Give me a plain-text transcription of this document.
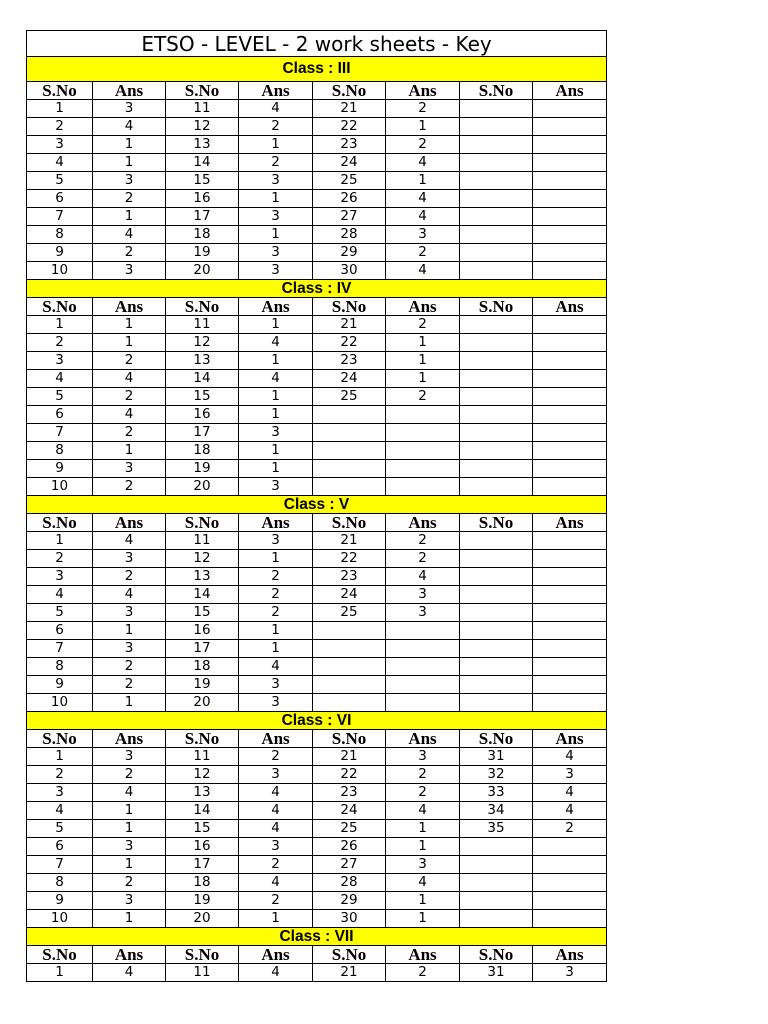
ETSO - LEVEL - 2 work sheets - Key							
Class : III							
S.No	Ans	S.No	Ans	S.No	Ans	S.No	Ans
1	3	11	4	21	2		
2	4	12	2	22	1		
3	1	13	1	23	2		
4	1	14	2	24	4		
5	3	15	3	25	1		
6	2	16	1	26	4		
7	1	17	3	27	4		
8	4	18	1	28	3		
9	2	19	3	29	2		
10	3	20	3	30	4		
Class : IV							
S.No	Ans	S.No	Ans	S.No	Ans	S.No	Ans
1	1	11	1	21	2		
2	1	12	4	22	1		
3	2	13	1	23	1		
4	4	14	4	24	1		
5	2	15	1	25	2		
6	4	16	1				
7	2	17	3				
8	1	18	1				
9	3	19	1				
10	2	20	3				
Class : V							
S.No	Ans	S.No	Ans	S.No	Ans	S.No	Ans
1	4	11	3	21	2		
2	3	12	1	22	2		
3	2	13	2	23	4		
4	4	14	2	24	3		
5	3	15	2	25	3		
6	1	16	1				
7	3	17	1				
8	2	18	4				
9	2	19	3				
10	1	20	3				
Class : VI							
S.No	Ans	S.No	Ans	S.No	Ans	S.No	Ans
1	3	11	2	21	3	31	4
2	2	12	3	22	2	32	3
3	4	13	4	23	2	33	4
4	1	14	4	24	4	34	4
5	1	15	4	25	1	35	2
6	3	16	3	26	1		
7	1	17	2	27	3		
8	2	18	4	28	4		
9	3	19	2	29	1		
10	1	20	1	30	1		
Class : VII							
S.No	Ans	S.No	Ans	S.No	Ans	S.No	Ans
1	4	11	4	21	2	31	3
